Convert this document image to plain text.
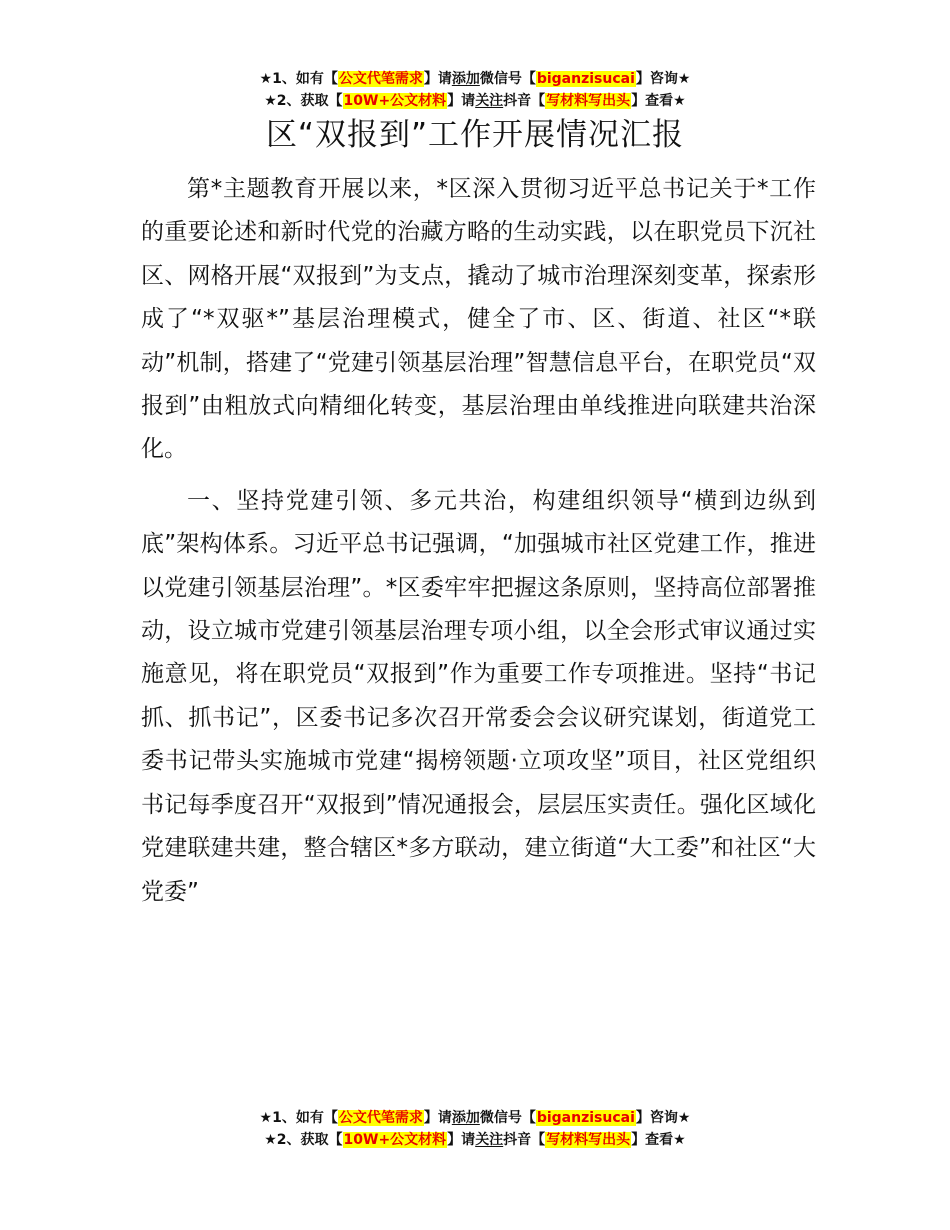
★1、如有【公文代笔需求】请添加微信号【biganzisucai】咨询★
★2、获取【10W+公文材料】请关注抖音【写材料写出头】查看★
区“双报到”工作开展情况汇报

第*主题教育开展以来，*区深入贯彻习近平总书记关于*工作的重要论述和新时代党的治藏方略的生动实践，以在职党员下沉社区、网格开展“双报到”为支点，撬动了城市治理深刻变革，探索形成了“*双驱*”基层治理模式，健全了市、区、街道、社区“*联动”机制，搭建了“党建引领基层治理”智慧信息平台，在职党员“双报到”由粗放式向精细化转变，基层治理由单线推进向联建共治深化。

一、坚持党建引领、多元共治，构建组织领导“横到边纵到底”架构体系。习近平总书记强调，“加强城市社区党建工作，推进以党建引领基层治理”。*区委牢牢把握这条原则，坚持高位部署推动，设立城市党建引领基层治理专项小组，以全会形式审议通过实施意见，将在职党员“双报到”作为重要工作专项推进。坚持“书记抓、抓书记”，区委书记多次召开常委会会议研究谋划，街道党工委书记带头实施城市党建“揭榜领题·立项攻坚”项目，社区党组织书记每季度召开“双报到”情况通报会，层层压实责任。强化区域化党建联建共建，整合辖区*多方联动，建立街道“大工委”和社区“大党委”

★1、如有【公文代笔需求】请添加微信号【biganzisucai】咨询★
★2、获取【10W+公文材料】请关注抖音【写材料写出头】查看★
